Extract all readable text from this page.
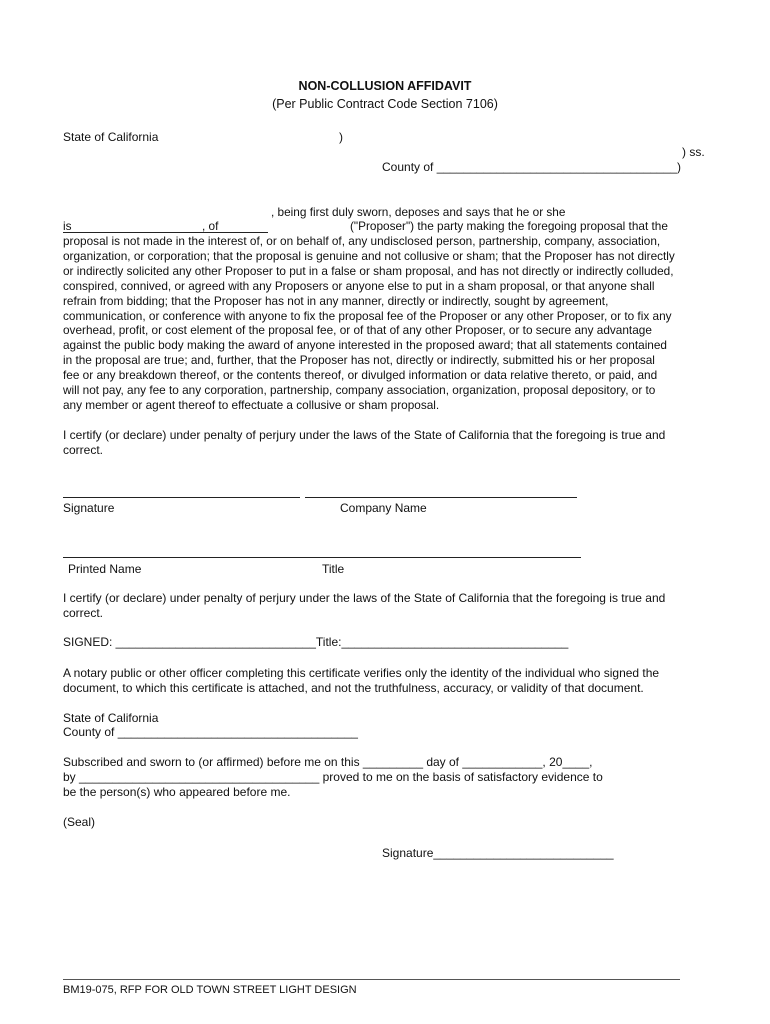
NON-COLLUSION AFFIDAVIT
(Per Public Contract Code Section 7106)
State of California	)
) ss.
County of ____________________________________)
, being first duly sworn, deposes and says that he or she
is	, of	("Proposer") the party making the foregoing proposal that the
proposal is not made in the interest of, or on behalf of, any undisclosed person, partnership, company, association,
organization, or corporation; that the proposal is genuine and not collusive or sham; that the Proposer has not directly
or indirectly solicited any other Proposer to put in a false or sham proposal, and has not directly or indirectly colluded,
conspired, connived, or agreed with any Proposers or anyone else to put in a sham proposal, or that anyone shall
refrain from bidding; that the Proposer has not in any manner, directly or indirectly, sought by agreement,
communication, or conference with anyone to fix the proposal fee of the Proposer or any other Proposer, or to fix any
overhead, profit, or cost element of the proposal fee, or of that of any other Proposer, or to secure any advantage
against the public body making the award of anyone interested in the proposed award; that all statements contained
in the proposal are true; and, further, that the Proposer has not, directly or indirectly, submitted his or her proposal
fee or any breakdown thereof, or the contents thereof, or divulged information or data relative thereto, or paid, and
will not pay, any fee to any corporation, partnership, company association, organization, proposal depository, or to
any member or agent thereof to effectuate a collusive or sham proposal.
I certify (or declare) under penalty of perjury under the laws of the State of California that the foregoing is true and correct.
Signature	Company Name
Printed Name	Title
I certify (or declare) under penalty of perjury under the laws of the State of California that the foregoing is true and correct.
SIGNED: ______________________________Title:__________________________________
A notary public or other officer completing this certificate verifies only the identity of the individual who signed the document, to which this certificate is attached, and not the truthfulness, accuracy, or validity of that document.
State of California
County of ____________________________________
Subscribed and sworn to (or affirmed) before me on this _________ day of ____________, 20____,
by ____________________________________ proved to me on the basis of satisfactory evidence to
be the person(s) who appeared before me.
(Seal)
Signature___________________________
BM19-075, RFP FOR OLD TOWN STREET LIGHT DESIGN
